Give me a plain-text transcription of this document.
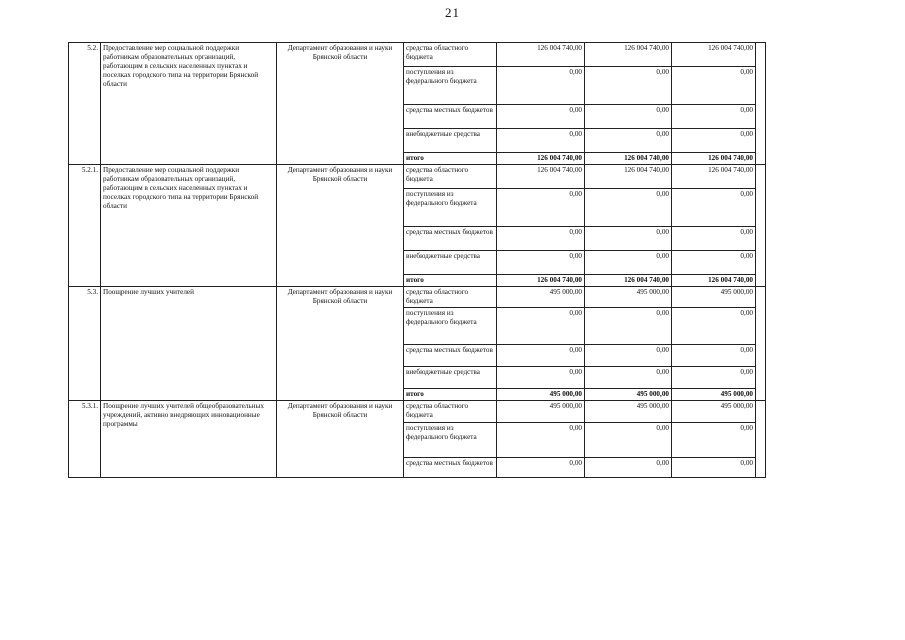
21
5.2.	Предоставление мер социальной поддержки работникам образовательных организаций, работающим в сельских населенных пунктах и поселках городского типа на территории Брянской области	Департамент образования и науки Брянской области	средства областного бюджета	126 004 740,00	126 004 740,00	126 004 740,00	
			поступления из федерального бюджета	0,00	0,00	0,00	
			средства местных бюджетов	0,00	0,00	0,00	
			внебюджетные средства	0,00	0,00	0,00	
			итого	126 004 740,00	126 004 740,00	126 004 740,00	
5.2.1.	Предоставление мер социальной поддержки работникам образовательных организаций, работающим в сельских населенных пунктах и поселках городского типа на территории Брянской области	Департамент образования и науки Брянской области	средства областного бюджета	126 004 740,00	126 004 740,00	126 004 740,00	
			поступления из федерального бюджета	0,00	0,00	0,00	
			средства местных бюджетов	0,00	0,00	0,00	
			внебюджетные средства	0,00	0,00	0,00	
			итого	126 004 740,00	126 004 740,00	126 004 740,00	
5.3.	Поощрение лучших учителей	Департамент образования и науки Брянской области	средства областного бюджета	495 000,00	495 000,00	495 000,00	
			поступления из федерального бюджета	0,00	0,00	0,00	
			средства местных бюджетов	0,00	0,00	0,00	
			внебюджетные средства	0,00	0,00	0,00	
			итого	495 000,00	495 000,00	495 000,00	
5.3.1.	Поощрение лучших учителей общеобразовательных учреждений, активно внедряющих инновационные программы	Департамент образования и науки Брянской области	средства областного бюджета	495 000,00	495 000,00	495 000,00	
			поступления из федерального бюджета	0,00	0,00	0,00	
			средства местных бюджетов	0,00	0,00	0,00	
